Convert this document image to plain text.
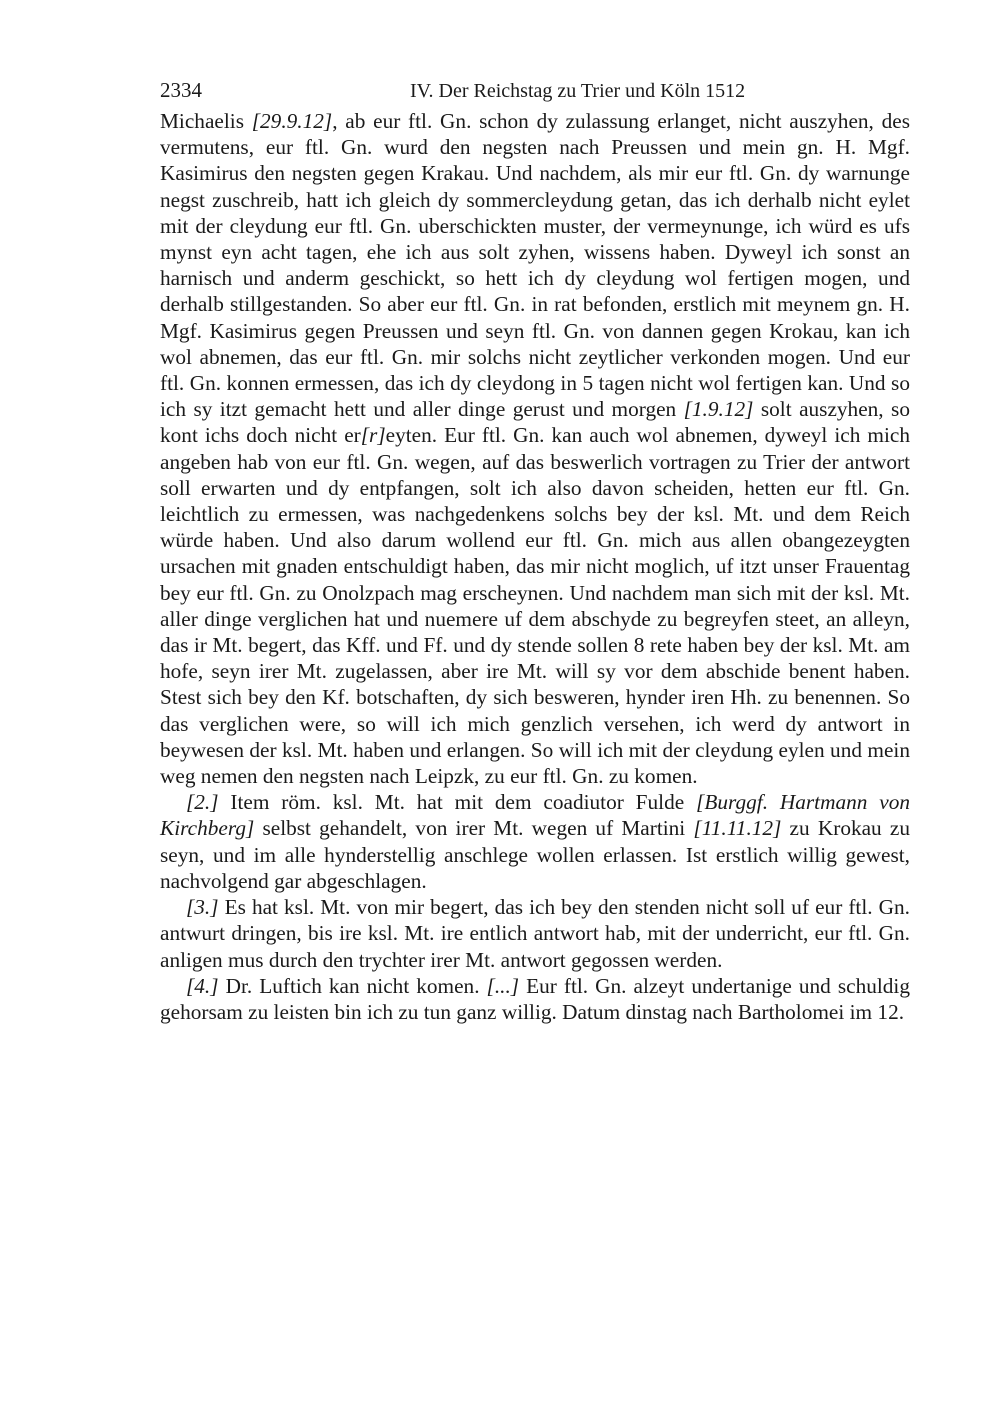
2334	IV. Der Reichstag zu Trier und Köln 1512

Michaelis [29.9.12], ab eur ftl. Gn. schon dy zulassung erlanget, nicht auszyhen, des vermutens, eur ftl. Gn. wurd den negsten nach Preussen und mein gn. H. Mgf. Kasimirus den negsten gegen Krakau. Und nachdem, als mir eur ftl. Gn. dy warnunge negst zuschreib, hatt ich gleich dy sommercleydung getan, das ich derhalb nicht eylet mit der cleydung eur ftl. Gn. uberschickten muster, der vermeynunge, ich würd es ufs mynst eyn acht tagen, ehe ich aus solt zyhen, wissens haben. Dyweyl ich sonst an harnisch und anderm geschickt, so hett ich dy cleydung wol fertigen mogen, und derhalb stillgestanden. So aber eur ftl. Gn. in rat befonden, erstlich mit meynem gn. H. Mgf. Kasimirus gegen Preussen und seyn ftl. Gn. von dannen gegen Krokau, kan ich wol abnemen, das eur ftl. Gn. mir solchs nicht zeytlicher verkonden mogen. Und eur ftl. Gn. konnen ermessen, das ich dy cleydong in 5 tagen nicht wol fertigen kan. Und so ich sy itzt gemacht hett und aller dinge gerust und morgen [1.9.12] solt auszyhen, so kont ichs doch nicht er[r]eyten. Eur ftl. Gn. kan auch wol abnemen, dyweyl ich mich angeben hab von eur ftl. Gn. wegen, auf das beswerlich vortragen zu Trier der antwort soll erwarten und dy entpfangen, solt ich also davon scheiden, hetten eur ftl. Gn. leichtlich zu ermessen, was nachgedenkens solchs bey der ksl. Mt. und dem Reich würde haben. Und also darum wollend eur ftl. Gn. mich aus allen obangezeygten ursachen mit gnaden entschuldigt haben, das mir nicht moglich, uf itzt unser Frauentag bey eur ftl. Gn. zu Onolzpach mag erscheynen. Und nachdem man sich mit der ksl. Mt. aller dinge verglichen hat und nuemere uf dem abschyde zu begreyfen steet, an alleyn, das ir Mt. begert, das Kff. und Ff. und dy stende sollen 8 rete haben bey der ksl. Mt. am hofe, seyn irer Mt. zugelassen, aber ire Mt. will sy vor dem abschide benent haben. Stest sich bey den Kf. botschaften, dy sich besweren, hynder iren Hh. zu benennen. So das verglichen were, so will ich mich genzlich versehen, ich werd dy antwort in beywesen der ksl. Mt. haben und erlangen. So will ich mit der cleydung eylen und mein weg nemen den negsten nach Leipzk, zu eur ftl. Gn. zu komen.

[2.] Item röm. ksl. Mt. hat mit dem coadiutor Fulde [Burggf. Hartmann von Kirchberg] selbst gehandelt, von irer Mt. wegen uf Martini [11.11.12] zu Krokau zu seyn, und im alle hynderstellig anschlege wollen erlassen. Ist erstlich willig gewest, nachvolgend gar abgeschlagen.

[3.] Es hat ksl. Mt. von mir begert, das ich bey den stenden nicht soll uf eur ftl. Gn. antwurt dringen, bis ire ksl. Mt. ire entlich antwort hab, mit der underricht, eur ftl. Gn. anligen mus durch den trychter irer Mt. antwort gegossen werden.

[4.] Dr. Luftich kan nicht komen. [...] Eur ftl. Gn. alzeyt undertanige und schuldig gehorsam zu leisten bin ich zu tun ganz willig. Datum dinstag nach Bartholomei im 12.
